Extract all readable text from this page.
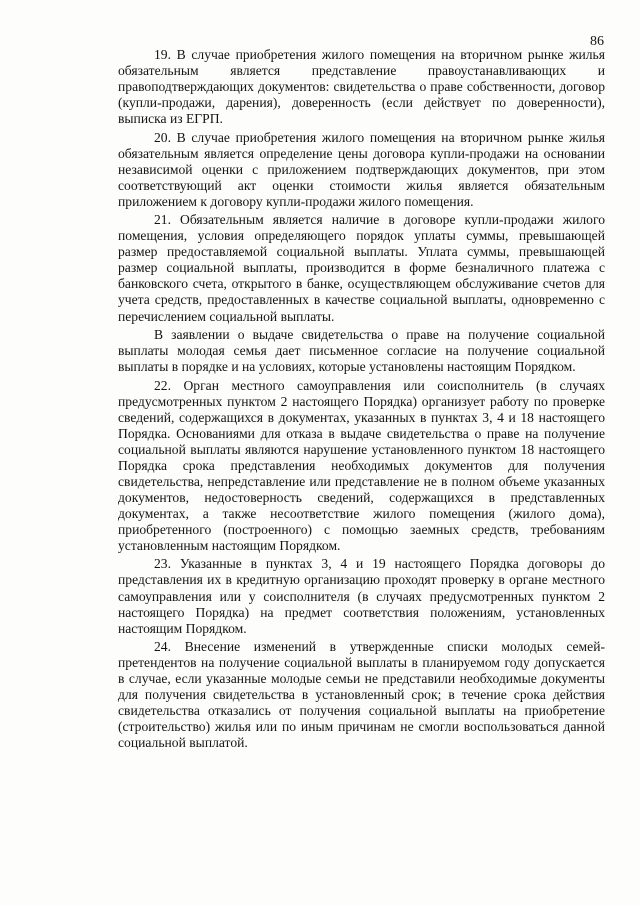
86

19. В случае приобретения жилого помещения на вторичном рынке жилья обязательным является представление правоустанавливающих и правоподтверждающих документов: свидетельства о праве собственности, договор (купли-продажи, дарения), доверенность (если действует по доверенности), выписка из ЕГРП.

20. В случае приобретения жилого помещения на вторичном рынке жилья обязательным является определение цены договора купли-продажи на основании независимой оценки с приложением подтверждающих документов, при этом соответствующий акт оценки стоимости жилья является обязательным приложением к договору купли-продажи жилого помещения.

21. Обязательным является наличие в договоре купли-продажи жилого помещения, условия определяющего порядок уплаты суммы, превышающей размер предоставляемой социальной выплаты. Уплата суммы, превышающей размер социальной выплаты, производится в форме безналичного платежа с банковского счета, открытого в банке, осуществляющем обслуживание счетов для учета средств, предоставленных в качестве социальной выплаты, одновременно с перечислением социальной выплаты.

В заявлении о выдаче свидетельства о праве на получение социальной выплаты молодая семья дает письменное согласие на получение социальной выплаты в порядке и на условиях, которые установлены настоящим Порядком.

22. Орган местного самоуправления или соисполнитель (в случаях предусмотренных пунктом 2 настоящего Порядка) организует работу по проверке сведений, содержащихся в документах, указанных в пунктах 3, 4 и 18 настоящего Порядка. Основаниями для отказа в выдаче свидетельства о праве на получение социальной выплаты являются нарушение установленного пунктом 18 настоящего Порядка срока представления необходимых документов для получения свидетельства, непредставление или представление не в полном объеме указанных документов, недостоверность сведений, содержащихся в представленных документах, а также несоответствие жилого помещения (жилого дома), приобретенного (построенного) с помощью заемных средств, требованиям установленным настоящим Порядком.

23. Указанные в пунктах 3, 4 и 19 настоящего Порядка договоры до представления их в кредитную организацию проходят проверку в органе местного самоуправления или у соисполнителя (в случаях предусмотренных пунктом 2 настоящего Порядка) на предмет соответствия положениям, установленных настоящим Порядком.

24. Внесение изменений в утвержденные списки молодых семей-претендентов на получение социальной выплаты в планируемом году допускается в случае, если указанные молодые семьи не представили необходимые документы для получения свидетельства в установленный срок; в течение срока действия свидетельства отказались от получения социальной выплаты на приобретение (строительство) жилья или по иным причинам не смогли воспользоваться данной социальной выплатой.
